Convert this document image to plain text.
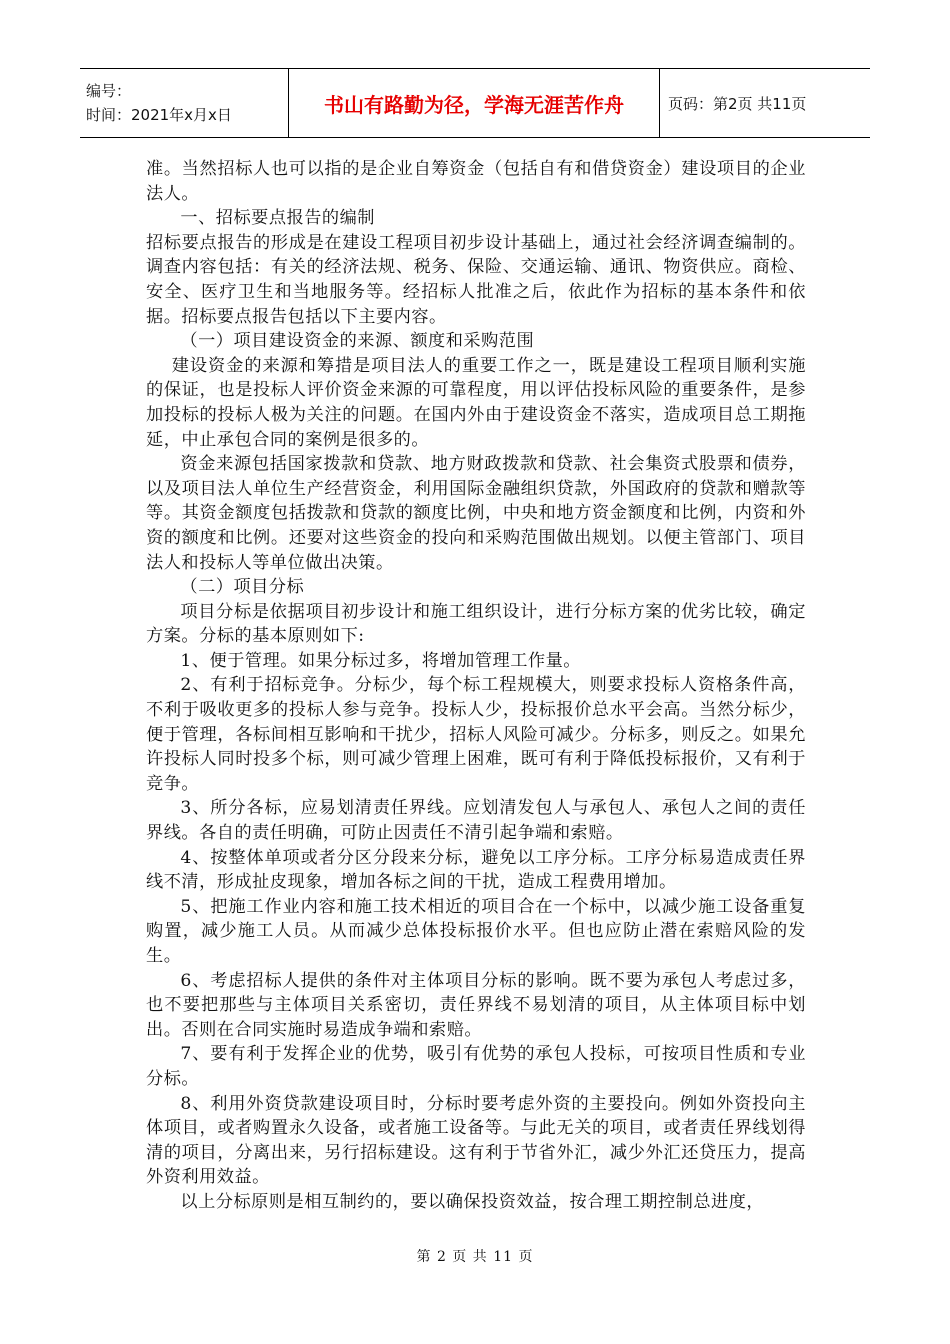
编号：
时间：2021年x月x日	书山有路勤为径，学海无涯苦作舟	页码：第2页 共11页

准。当然招标人也可以指的是企业自筹资金（包括自有和借贷资金）建设项目的企业法人。

一、招标要点报告的编制

招标要点报告的形成是在建设工程项目初步设计基础上，通过社会经济调查编制的。调查内容包括：有关的经济法规、税务、保险、交通运输、通讯、物资供应。商检、安全、医疗卫生和当地服务等。经招标人批准之后，依此作为招标的基本条件和依据。招标要点报告包括以下主要内容。

（一）项目建设资金的来源、额度和采购范围

建设资金的来源和筹措是项目法人的重要工作之一，既是建设工程项目顺利实施的保证，也是投标人评价资金来源的可靠程度，用以评估投标风险的重要条件，是参加投标的投标人极为关注的问题。在国内外由于建设资金不落实，造成项目总工期拖延，中止承包合同的案例是很多的。

资金来源包括国家拨款和贷款、地方财政拨款和贷款、社会集资式股票和债券，以及项目法人单位生产经营资金，利用国际金融组织贷款，外国政府的贷款和赠款等等。其资金额度包括拨款和贷款的额度比例，中央和地方资金额度和比例，内资和外资的额度和比例。还要对这些资金的投向和采购范围做出规划。以便主管部门、项目法人和投标人等单位做出决策。

（二）项目分标

项目分标是依据项目初步设计和施工组织设计，进行分标方案的优劣比较，确定方案。分标的基本原则如下:

1、便于管理。如果分标过多，将增加管理工作量。

2、有利于招标竞争。分标少，每个标工程规模大，则要求投标人资格条件高，不利于吸收更多的投标人参与竞争。投标人少，投标报价总水平会高。当然分标少，便于管理，各标间相互影响和干扰少，招标人风险可减少。分标多，则反之。如果允许投标人同时投多个标，则可减少管理上困难，既可有利于降低投标报价，又有利于竞争。

3、所分各标，应易划清责任界线。应划清发包人与承包人、承包人之间的责任界线。各自的责任明确，可防止因责任不清引起争端和索赔。

4、按整体单项或者分区分段来分标，避免以工序分标。工序分标易造成责任界线不清，形成扯皮现象，增加各标之间的干扰，造成工程费用增加。

5、把施工作业内容和施工技术相近的项目合在一个标中，以减少施工设备重复购置，减少施工人员。从而减少总体投标报价水平。但也应防止潜在索赔风险的发生。

6、考虑招标人提供的条件对主体项目分标的影响。既不要为承包人考虑过多，也不要把那些与主体项目关系密切，责任界线不易划清的项目，从主体项目标中划出。否则在合同实施时易造成争端和索赔。

7、要有利于发挥企业的优势，吸引有优势的承包人投标，可按项目性质和专业分标。

8、利用外资贷款建设项目时，分标时要考虑外资的主要投向。例如外资投向主体项目，或者购置永久设备，或者施工设备等。与此无关的项目，或者责任界线划得清的项目，分离出来，另行招标建设。这有利于节省外汇，减少外汇还贷压力，提高外资利用效益。

以上分标原则是相互制约的，要以确保投资效益，按合理工期控制总进度，

第 2 页 共 11 页
